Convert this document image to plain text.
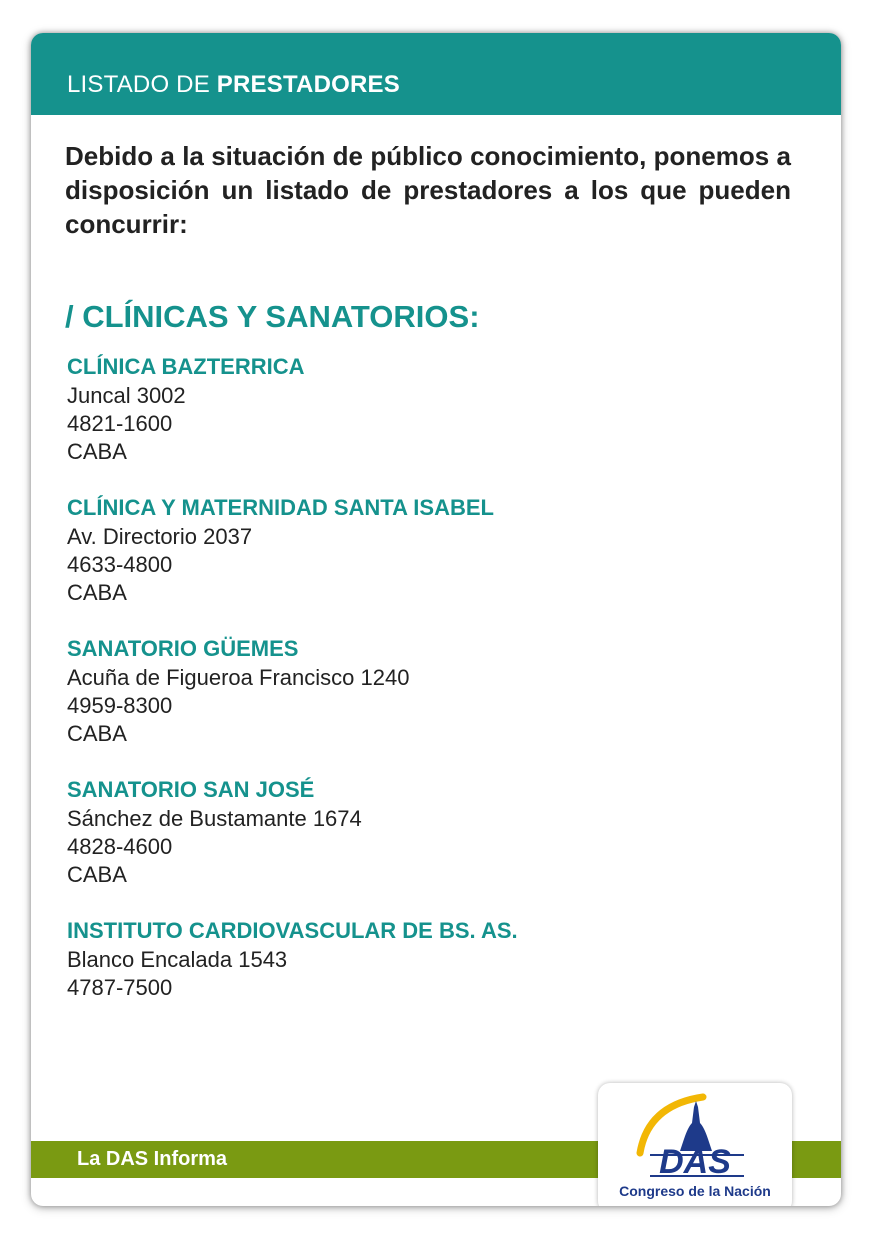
LISTADO DE PRESTADORES
Debido a la situación de público conocimiento, ponemos a disposición un listado de prestadores a los que pueden concurrir:
/ CLÍNICAS Y SANATORIOS:
CLÍNICA BAZTERRICA
Juncal 3002
4821-1600
CABA
CLÍNICA Y MATERNIDAD SANTA ISABEL
Av. Directorio 2037
4633-4800
CABA
SANATORIO GÜEMES
Acuña de Figueroa Francisco 1240
4959-8300
CABA
SANATORIO SAN JOSÉ
Sánchez de Bustamante 1674
4828-4600
CABA
INSTITUTO CARDIOVASCULAR DE BS. AS.
Blanco Encalada 1543
4787-7500
La DAS Informa	DAS
Congreso de la Nación
